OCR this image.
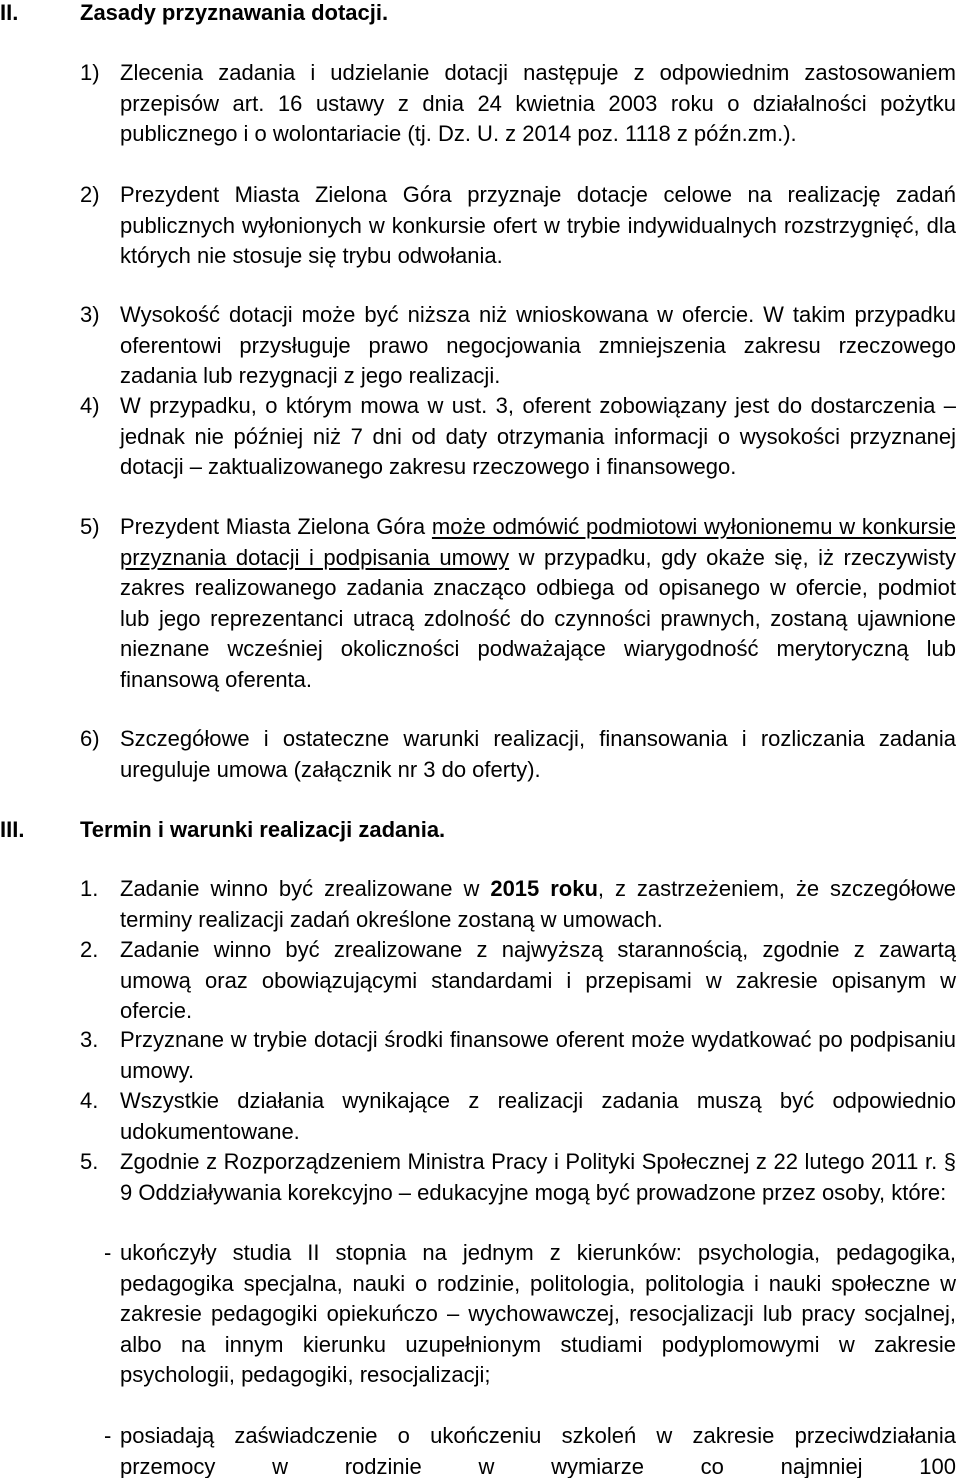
II.	Zasady przyznawania dotacji.
1) Zlecenia zadania i udzielanie dotacji następuje z odpowiednim zastosowaniem przepisów art. 16 ustawy z dnia 24 kwietnia 2003 roku o działalności pożytku publicznego i o wolontariacie (tj. Dz. U. z 2014 poz. 1118 z późn.zm.).
2) Prezydent Miasta Zielona Góra przyznaje dotacje celowe na realizację zadań publicznych wyłonionych w konkursie ofert w trybie indywidualnych rozstrzygnięć, dla których nie stosuje się trybu odwołania.
3) Wysokość dotacji może być niższa niż wnioskowana w ofercie. W takim przypadku oferentowi przysługuje prawo negocjowania zmniejszenia zakresu rzeczowego zadania lub rezygnacji z jego realizacji.
4) W przypadku, o którym mowa w ust. 3, oferent zobowiązany jest do dostarczenia – jednak nie później niż 7 dni od daty otrzymania informacji o wysokości przyznanej dotacji – zaktualizowanego zakresu rzeczowego i finansowego.
5) Prezydent Miasta Zielona Góra może odmówić podmiotowi wyłonionemu w konkursie przyznania dotacji i podpisania umowy w przypadku, gdy okaże się, iż rzeczywisty zakres realizowanego zadania znacząco odbiega od opisanego w ofercie, podmiot lub jego reprezentanci utracą zdolność do czynności prawnych, zostaną ujawnione nieznane wcześniej okoliczności podważające wiarygodność merytoryczną lub finansową oferenta.
6) Szczegółowe i ostateczne warunki realizacji, finansowania i rozliczania zadania ureguluje umowa (załącznik nr 3 do oferty).
III.	Termin i warunki realizacji zadania.
1. Zadanie winno być zrealizowane w 2015 roku, z zastrzeżeniem, że szczegółowe terminy realizacji zadań określone zostaną w umowach.
2. Zadanie winno być zrealizowane z najwyższą starannością, zgodnie z zawartą umową oraz obowiązującymi standardami i przepisami w zakresie opisanym w ofercie.
3. Przyznane w trybie dotacji środki finansowe oferent może wydatkować po podpisaniu umowy.
4. Wszystkie działania wynikające z realizacji zadania muszą być odpowiednio udokumentowane.
5. Zgodnie z Rozporządzeniem Ministra Pracy i Polityki Społecznej z 22 lutego 2011 r. § 9 Oddziaływania korekcyjno – edukacyjne mogą być prowadzone przez osoby, które:
- ukończyły studia II stopnia na jednym z kierunków: psychologia, pedagogika, pedagogika specjalna, nauki o rodzinie, politologia, politologia i nauki społeczne w zakresie pedagogiki opiekuńczo – wychowawczej, resocjalizacji lub pracy socjalnej, albo na innym kierunku uzupełnionym studiami podyplomowymi w zakresie psychologii, pedagogiki, resocjalizacji;
- posiadają zaświadczenie o ukończeniu szkoleń w zakresie przeciwdziałania przemocy w rodzinie w wymiarze co najmniej 100
